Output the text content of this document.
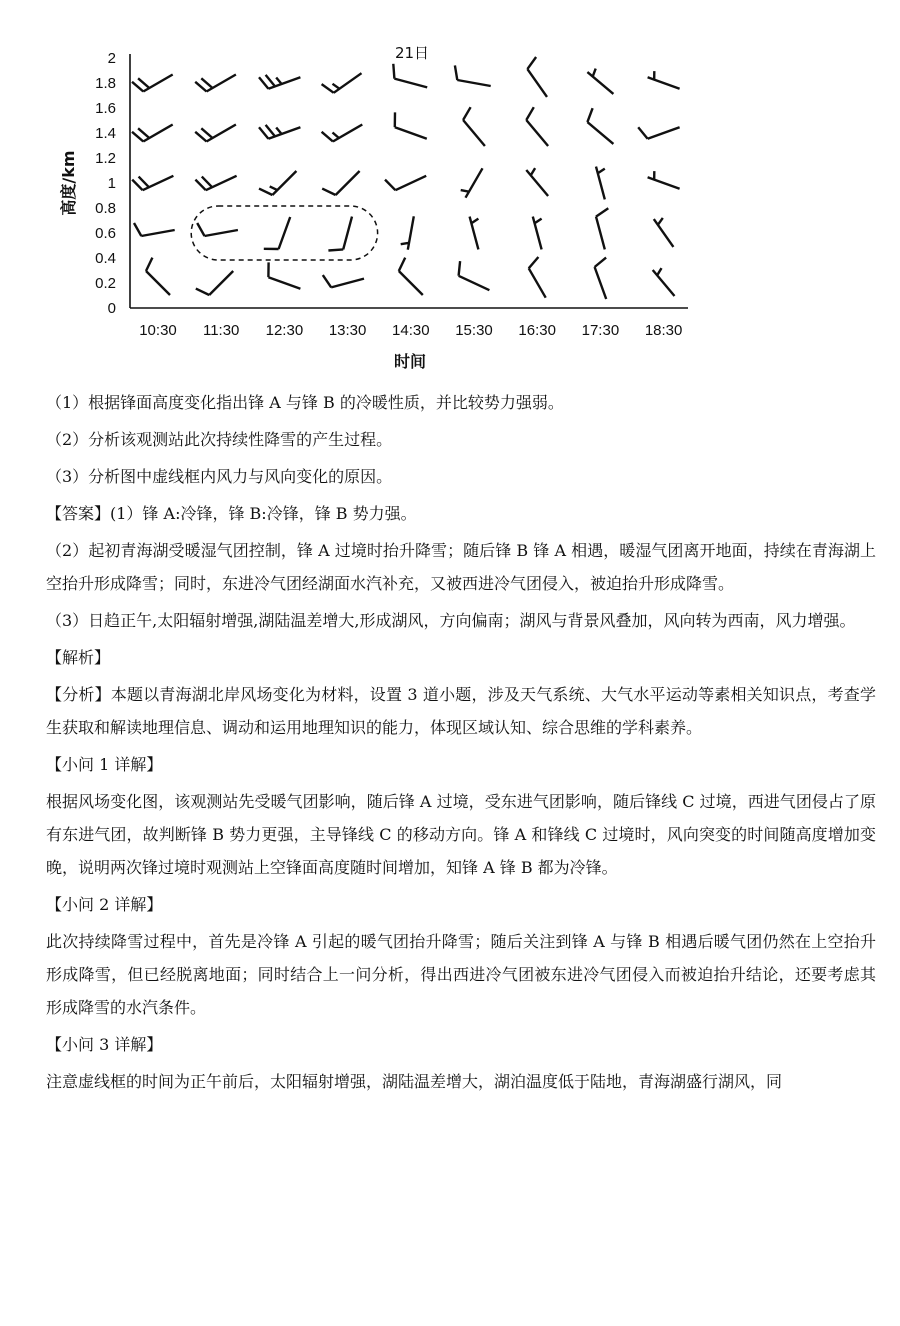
21日
0
0.2
0.4
0.6
0.8
1
1.2
1.4
1.6
1.8
2
10:30 11:30 12:30 13:30 14:30 15:30 16:30 17:30 18:30
时间
高度/km

（1）根据锋面高度变化指出锋 A 与锋 B 的冷暖性质，并比较势力强弱。

（2）分析该观测站此次持续性降雪的产生过程。

（3）分析图中虚线框内风力与风向变化的原因。

【答案】(1）锋 A:冷锋，锋 B:冷锋，锋 B 势力强。

（2）起初青海湖受暖湿气团控制，锋 A 过境时抬升降雪；随后锋 B 锋 A 相遇，暖湿气团离开地面，持续在青海湖上空抬升形成降雪；同时，东进冷气团经湖面水汽补充，又被西进冷气团侵入，被迫抬升形成降雪。

（3）日趋正午,太阳辐射增强,湖陆温差增大,形成湖风，方向偏南；湖风与背景风叠加，风向转为西南，风力增强。

【解析】

【分析】本题以青海湖北岸风场变化为材料，设置 3 道小题，涉及天气系统、大气水平运动等素相关知识点，考查学生获取和解读地理信息、调动和运用地理知识的能力，体现区域认知、综合思维的学科素养。

【小问 1 详解】

根据风场变化图，该观测站先受暖气团影响，随后锋 A 过境，受东进气团影响，随后锋线 C 过境，西进气团侵占了原有东进气团，故判断锋 B 势力更强，主导锋线 C 的移动方向。锋 A 和锋线 C 过境时，风向突变的时间随高度增加变晚，说明两次锋过境时观测站上空锋面高度随时间增加，知锋 A 锋 B 都为冷锋。

【小问 2 详解】

此次持续降雪过程中，首先是冷锋 A 引起的暖气团抬升降雪；随后关注到锋 A 与锋 B 相遇后暖气团仍然在上空抬升形成降雪，但已经脱离地面；同时结合上一问分析，得出西进冷气团被东进冷气团侵入而被迫抬升结论，还要考虑其形成降雪的水汽条件。

【小问 3 详解】

注意虚线框的时间为正午前后，太阳辐射增强，湖陆温差增大，湖泊温度低于陆地，青海湖盛行湖风，同
